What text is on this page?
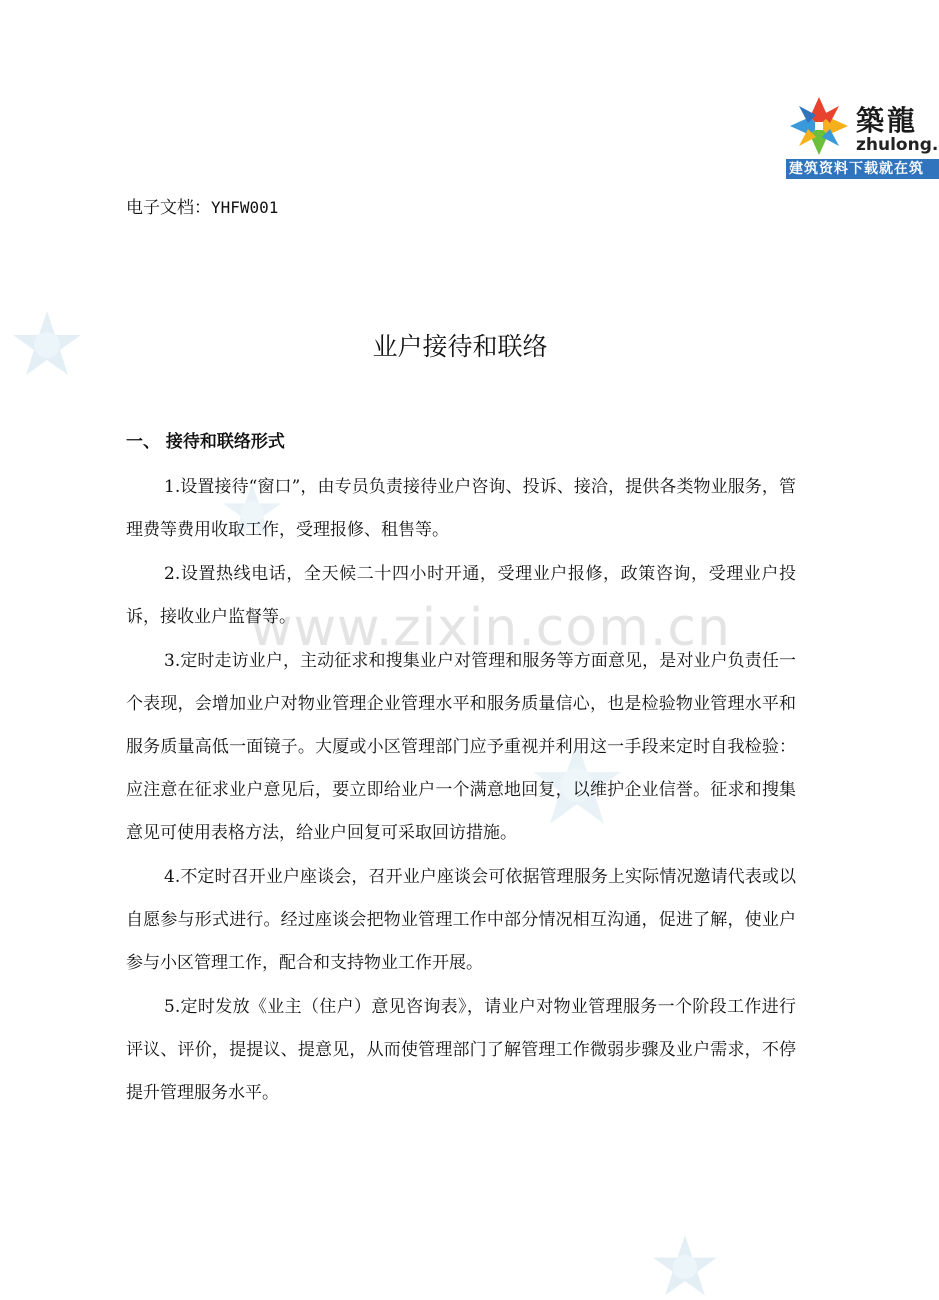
www.zixin.com.cn
築龍
zhulong.
建筑资料下载就在筑
电子文档：YHFW001
业户接待和联络
一、 接待和联络形式

1.设置接待“窗口”，由专员负责接待业户咨询、投诉、接洽，提供各类物业服务，管理费等费用收取工作，受理报修、租售等。

2.设置热线电话，全天候二十四小时开通，受理业户报修，政策咨询，受理业户投诉，接收业户监督等。

3.定时走访业户，主动征求和搜集业户对管理和服务等方面意见，是对业户负责任一个表现，会增加业户对物业管理企业管理水平和服务质量信心，也是检验物业管理水平和服务质量高低一面镜子。大厦或小区管理部门应予重视并利用这一手段来定时自我检验：应注意在征求业户意见后，要立即给业户一个满意地回复，以维护企业信誉。征求和搜集意见可使用表格方法，给业户回复可采取回访措施。

4.不定时召开业户座谈会，召开业户座谈会可依据管理服务上实际情况邀请代表或以自愿参与形式进行。经过座谈会把物业管理工作中部分情况相互沟通，促进了解，使业户参与小区管理工作，配合和支持物业工作开展。

5.定时发放《业主（住户）意见咨询表》，请业户对物业管理服务一个阶段工作进行评议、评价，提提议、提意见，从而使管理部门了解管理工作微弱步骤及业户需求，不停提升管理服务水平。
